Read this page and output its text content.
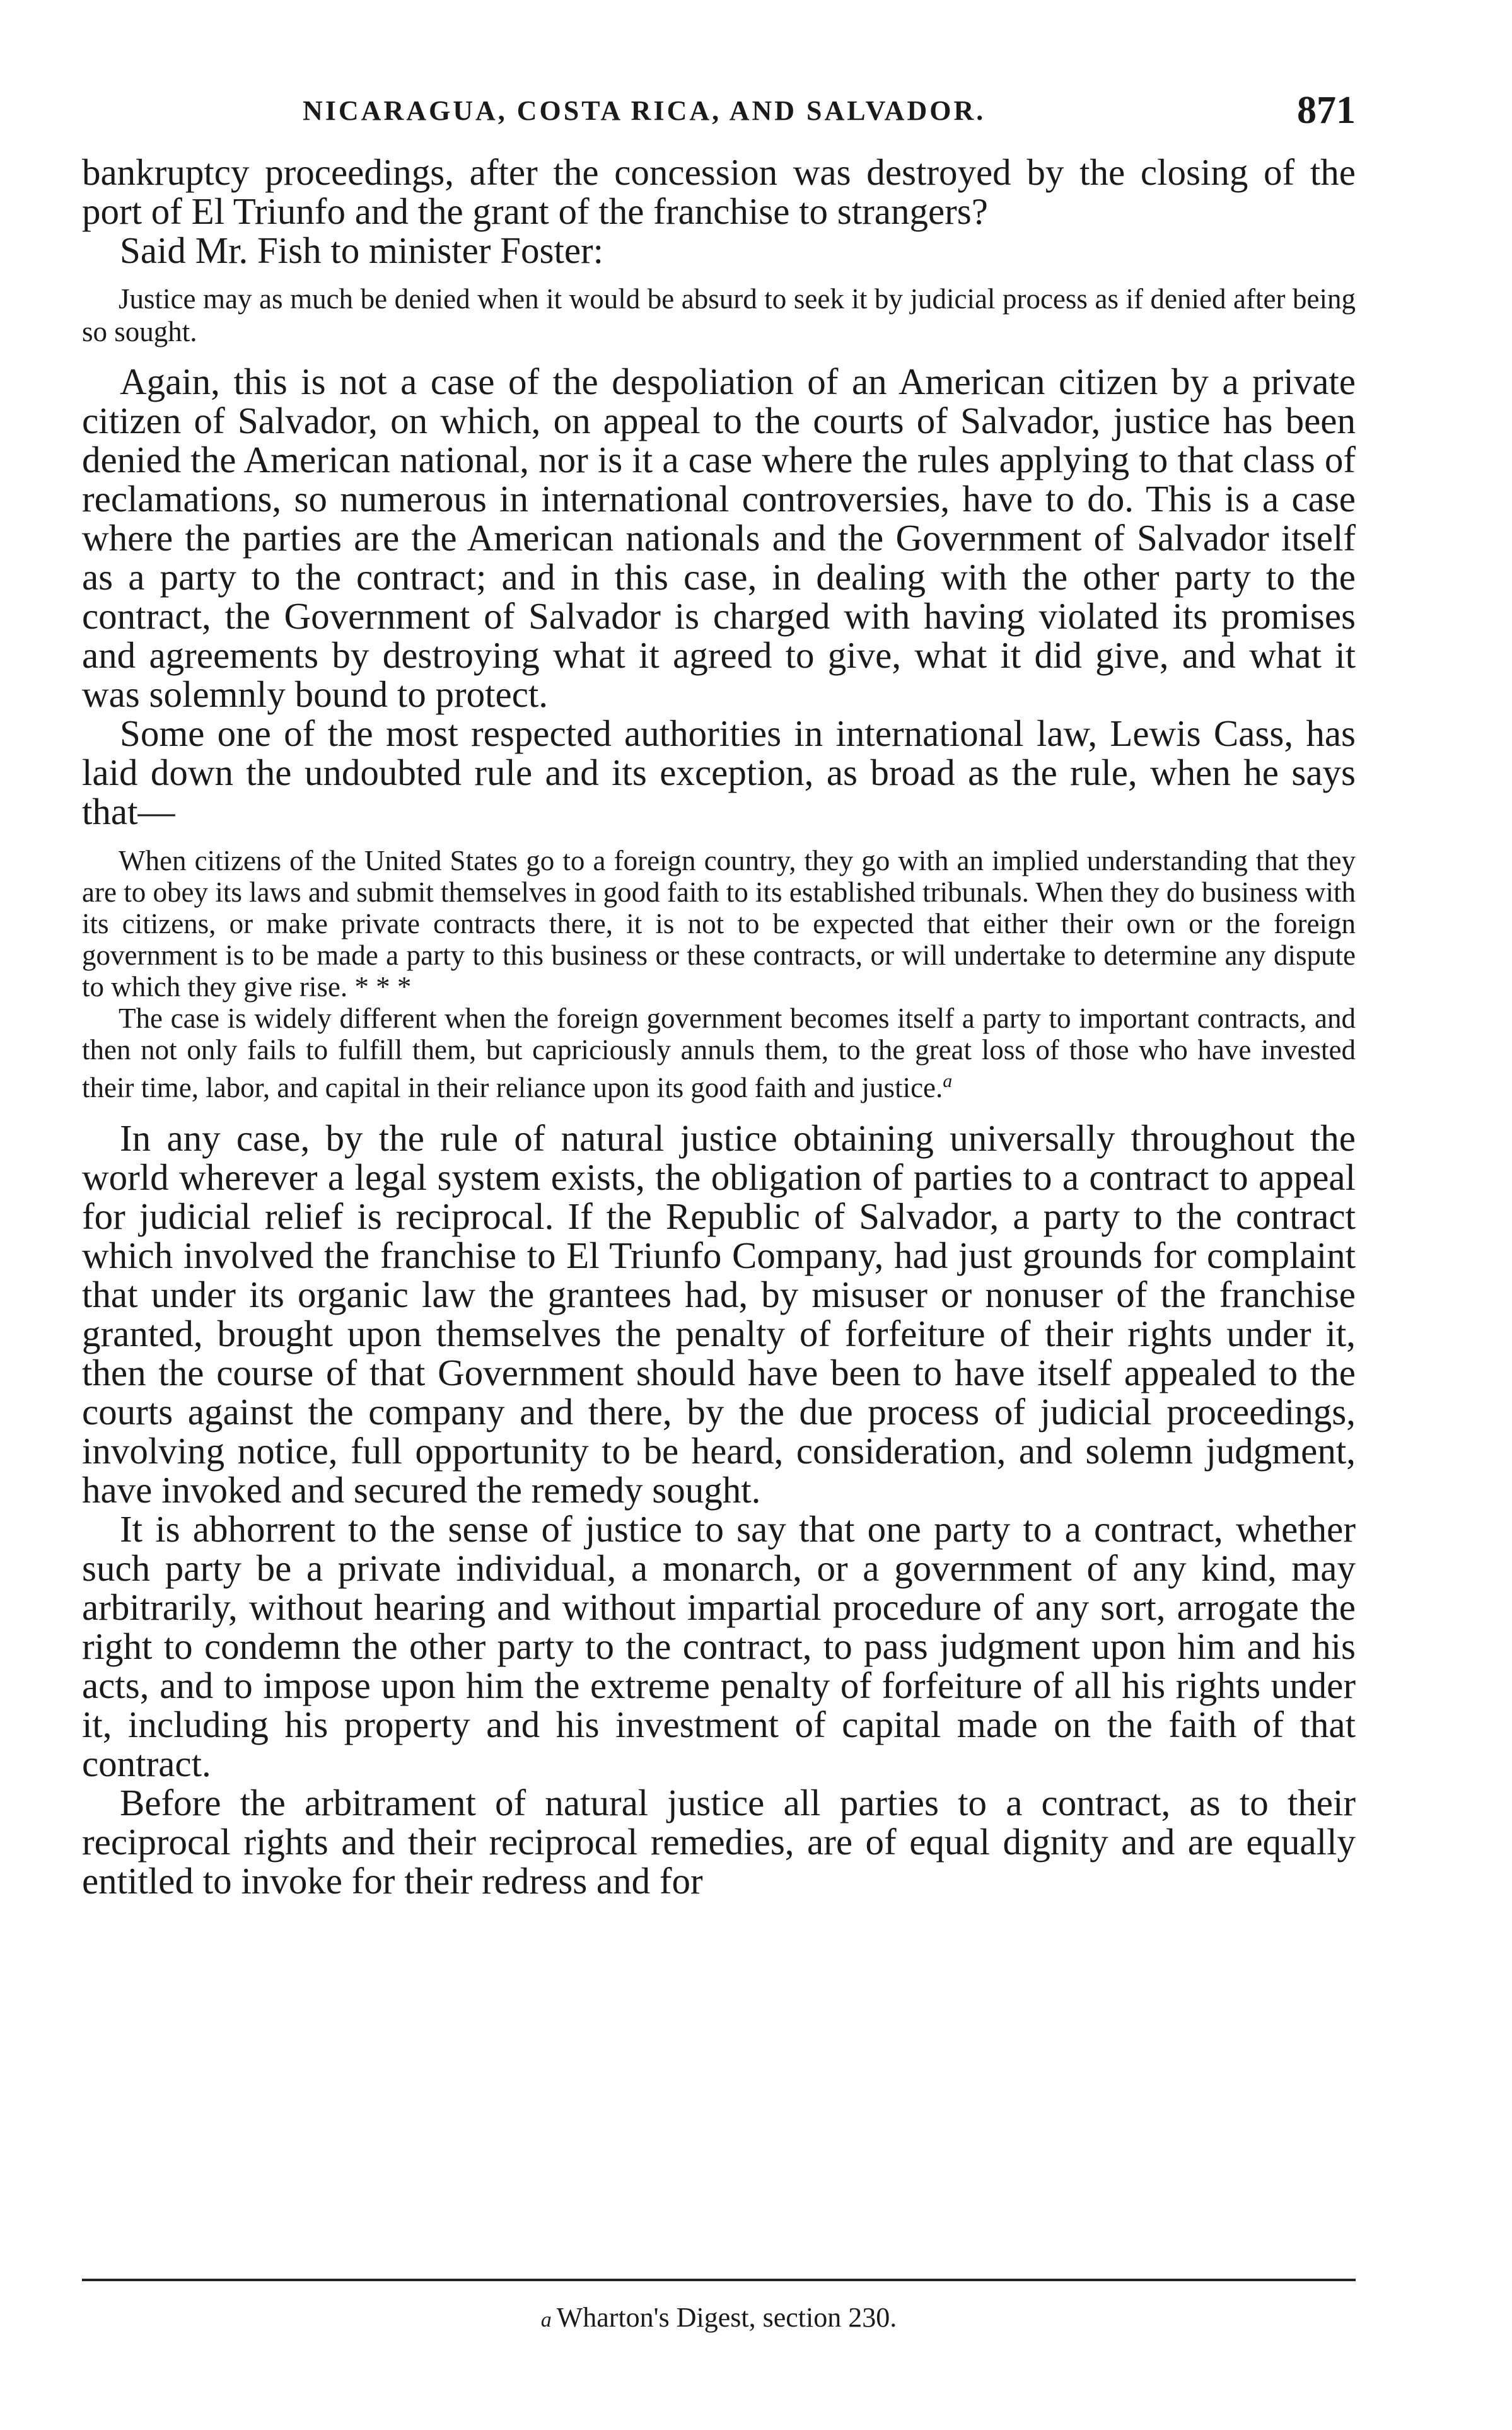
NICARAGUA, COSTA RICA, AND SALVADOR.	871

bankruptcy proceedings, after the concession was destroyed by the closing of the port of El Triunfo and the grant of the franchise to strangers?

Said Mr. Fish to minister Foster:

Justice may as much be denied when it would be absurd to seek it by judicial process as if denied after being so sought.

Again, this is not a case of the despoliation of an American citizen by a private citizen of Salvador, on which, on appeal to the courts of Salvador, justice has been denied the American national, nor is it a case where the rules applying to that class of reclamations, so numerous in international controversies, have to do. This is a case where the parties are the American nationals and the Government of Salvador itself as a party to the contract; and in this case, in dealing with the other party to the contract, the Government of Salvador is charged with having violated its promises and agreements by destroying what it agreed to give, what it did give, and what it was solemnly bound to protect.

Some one of the most respected authorities in international law, Lewis Cass, has laid down the undoubted rule and its exception, as broad as the rule, when he says that—

When citizens of the United States go to a foreign country, they go with an implied understanding that they are to obey its laws and submit themselves in good faith to its established tribunals. When they do business with its citizens, or make private contracts there, it is not to be expected that either their own or the foreign government is to be made a party to this business or these contracts, or will undertake to determine any dispute to which they give rise. * * *

The case is widely different when the foreign government becomes itself a party to important contracts, and then not only fails to fulfill them, but capriciously annuls them, to the great loss of those who have invested their time, labor, and capital in their reliance upon its good faith and justice.$^a$

In any case, by the rule of natural justice obtaining universally throughout the world wherever a legal system exists, the obligation of parties to a contract to appeal for judicial relief is reciprocal. If the Republic of Salvador, a party to the contract which involved the franchise to El Triunfo Company, had just grounds for complaint that under its organic law the grantees had, by misuser or nonuser of the franchise granted, brought upon themselves the penalty of forfeiture of their rights under it, then the course of that Government should have been to have itself appealed to the courts against the company and there, by the due process of judicial proceedings, involving notice, full opportunity to be heard, consideration, and solemn judgment, have invoked and secured the remedy sought.

It is abhorrent to the sense of justice to say that one party to a contract, whether such party be a private individual, a monarch, or a government of any kind, may arbitrarily, without hearing and without impartial procedure of any sort, arrogate the right to condemn the other party to the contract, to pass judgment upon him and his acts, and to impose upon him the extreme penalty of forfeiture of all his rights under it, including his property and his investment of capital made on the faith of that contract.

Before the arbitrament of natural justice all parties to a contract, as to their reciprocal rights and their reciprocal remedies, are of equal dignity and are equally entitled to invoke for their redress and for

a Wharton's Digest, section 230.
